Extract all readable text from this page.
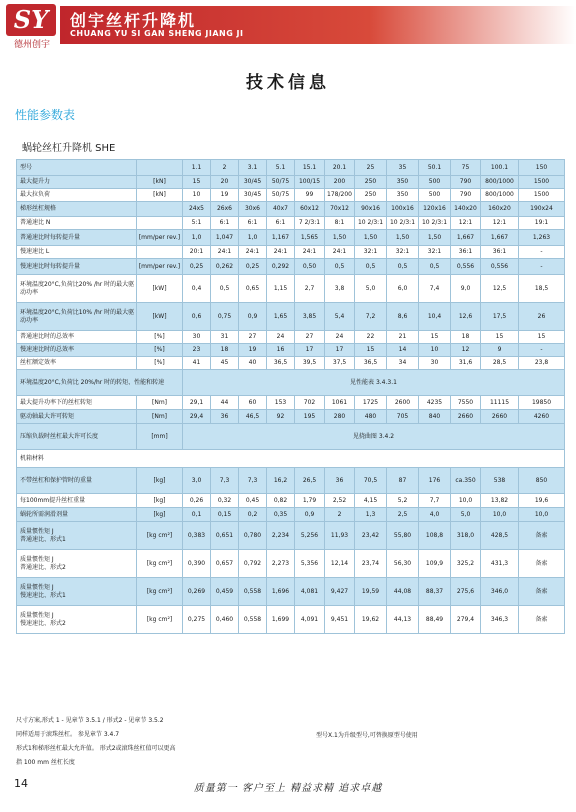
SY
德州创宇
创宇丝杆升降机
CHUANG YU SI GAN SHENG JIANG JI
技术信息
性能参数表
蜗轮丝杠升降机 SHE
型号		1.1	2	3.1	5.1	15.1	20.1	25	35	50.1	75	100.1	150
最大提升力	[kN]	15	20	30/45	50/75	100/15	200	250	350	500	790	800/1000	1500
最大拉负荷	[kN]	10	19	30/45	50/75	99	178/200	250	350	500	790	800/1000	1500
梯形丝杠规格		24x5	26x6	30x6	40x7	60x12	70x12	90x16	100x16	120x16	140x20	160x20	190x24
普通速比 N		5:1	6:1	6:1	6:1	7 2/3:1	8:1	10 2/3:1	10 2/3:1	10 2/3:1	12:1	12:1	19:1
普通速比时每转提升量	[mm/per rev.]	1,0	1,047	1,0	1,167	1,565	1,50	1,50	1,50	1,50	1,667	1,667	1,263
慢速速比 L		20:1	24:1	24:1	24:1	24:1	24:1	32:1	32:1	32:1	36:1	36:1	-
慢速速比时每转提升量	[mm/per rev.]	0,25	0,262	0,25	0,292	0,50	0,5	0,5	0,5	0,5	0,556	0,556	-
环境温度20°C,负荷比20% /hr 时的最大驱动功率	[kW]	0,4	0,5	0,65	1,15	2,7	3,8	5,0	6,0	7,4	9,0	12,5	18,5
环境温度20°C,负荷比10% /hr 时的最大驱动功率	[kW]	0,6	0,75	0,9	1,65	3,85	5,4	7,2	8,6	10,4	12,6	17,5	26
普通速比时的总效率	[%]	30	31	27	24	27	24	22	21	15	18	15	15
慢速速比时的总效率	[%]	23	18	19	16	17	17	15	14	10	12	9	-
丝杠额定效率	[%]	41	45	40	36,5	39,5	37,5	36,5	34	30	31,6	28,5	23,8
环境温度20°C,负荷比 20%/hr 时的转矩、性能和转速		见性能表 3.4.3.1											
最大提升功率下的丝杠转矩	[Nm]	29,1	44	60	153	702	1061	1725	2600	4235	7550	11115	19850
驱动轴最大许可转矩	[Nm]	29,4	36	46,5	92	195	280	480	705	840	2660	2660	4260
压缩负载时丝杠最大许可长度	[mm]	见挠曲图 3.4.2											
机箱材料													
不带丝杠和保护管时的重量	[kg]	3,0	7,3	7,3	16,2	26,5	36	70,5	87	176	ca.350	538	850
每100mm提升丝杠重量	[kg]	0,26	0,32	0,45	0,82	1,79	2,52	4,15	5,2	7,7	10,0	13,82	19,6
蜗轮所需润滑剂量	[kg]	0,1	0,15	0,2	0,35	0,9	2	1,3	2,5	4,0	5,0	10,0	10,0

质量惯性矩 J
普通速比、形式1	[kg cm²]	0,383	0,651	0,780	2,234	5,256	11,93	23,42	55,80	108,8	318,0	428,5	备索

质量惯性矩 J
普通速比、形式2	[kg cm²]	0,390	0,657	0,792	2,273	5,356	12,14	23,74	56,30	109,9	325,2	431,3	备索

质量惯性矩 J
慢速速比、形式1	[kg cm²]	0,269	0,459	0,558	1,696	4,081	9,427	19,59	44,08	88,37	275,6	346,0	备索

质量惯性矩 J
慢速速比、形式2	[kg cm²]	0,275	0,460	0,558	1,699	4,091	9,451	19,62	44,13	88,49	279,4	346,3	备索
尺寸方案,形式 1 - 见章节 3.5.1 / 形式2 - 见章节 3.5.2
同样适用于滚珠丝杠。 参见章节 3.4.7
形式1和梯形丝杠最大允许值。 形式2或滚珠丝杠值可以更高
指 100 mm 丝杠长度
型号X.1为升级型号,可替换原型号使用
14	质量第一 客户至上 精益求精 追求卓越
